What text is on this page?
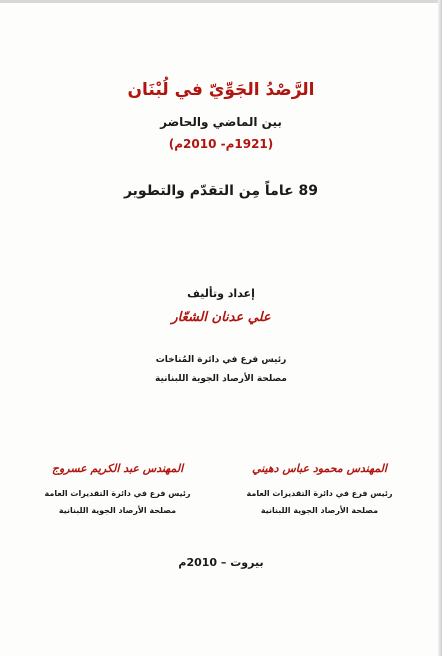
الرَّصْدُ الجَوِّيّ في لُبْنَان
بين الماضي والحاضر
(1921م- 2010م)
89 عاماً مِن التقدّم والتطوير
إعداد وتأليف
علي عدنان الشعّار
رئيس فرع في دائرة المُناخات
مصلحة الأرصاد الجوية اللبنانية
المهندس محمود عباس دهيني
رئيس فرع في دائرة التقديرات العامة
مصلحة الأرصاد الجوية اللبنانية
المهندس عبد الكريم عسروج
رئيس فرع في دائرة التقديرات العامة
مصلحة الأرصاد الجوية اللبنانية
بيروت – 2010م
